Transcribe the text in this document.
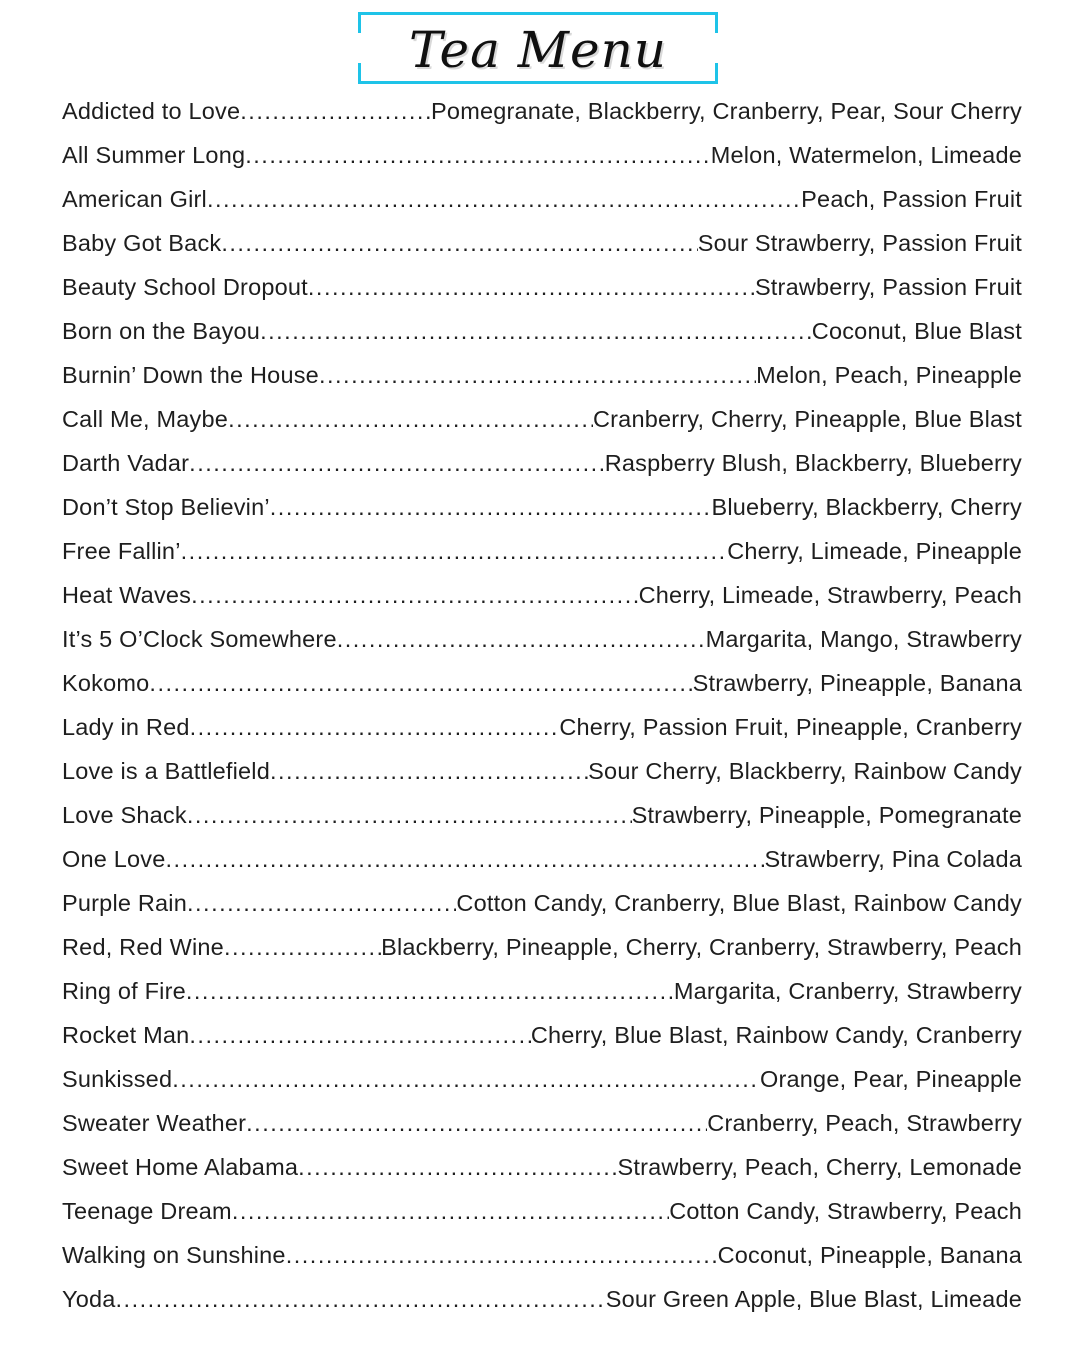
Tea Menu
Addicted to Love .....	Pomegranate, Blackberry, Cranberry, Pear, Sour Cherry
All Summer Long .....	Melon, Watermelon, Limeade
American Girl .....	Peach, Passion Fruit
Baby Got Back .....	Sour Strawberry, Passion Fruit
Beauty School Dropout .....	Strawberry, Passion Fruit
Born on the Bayou .....	Coconut, Blue Blast
Burnin’ Down the House .....	Melon, Peach, Pineapple
Call Me, Maybe .....	Cranberry, Cherry, Pineapple, Blue Blast
Darth Vadar .....	Raspberry Blush, Blackberry, Blueberry
Don’t Stop Believin’ .....	Blueberry, Blackberry, Cherry
Free Fallin’ .....	Cherry, Limeade, Pineapple
Heat Waves .....	Cherry, Limeade, Strawberry, Peach
It’s 5 O’Clock Somewhere .....	Margarita, Mango, Strawberry
Kokomo .....	Strawberry, Pineapple, Banana
Lady in Red .....	Cherry, Passion Fruit, Pineapple, Cranberry
Love is a Battlefield .....	Sour Cherry, Blackberry, Rainbow Candy
Love Shack .....	Strawberry, Pineapple, Pomegranate
One Love .....	Strawberry, Pina Colada
Purple Rain .....	Cotton Candy, Cranberry, Blue Blast, Rainbow Candy
Red, Red Wine .....	Blackberry, Pineapple, Cherry, Cranberry, Strawberry, Peach
Ring of Fire .....	Margarita, Cranberry, Strawberry
Rocket Man .....	Cherry, Blue Blast, Rainbow Candy, Cranberry
Sunkissed .....	Orange, Pear, Pineapple
Sweater Weather .....	Cranberry, Peach, Strawberry
Sweet Home Alabama .....	Strawberry, Peach, Cherry, Lemonade
Teenage Dream .....	Cotton Candy, Strawberry, Peach
Walking on Sunshine .....	Coconut, Pineapple, Banana
Yoda .....	Sour Green Apple, Blue Blast, Limeade
